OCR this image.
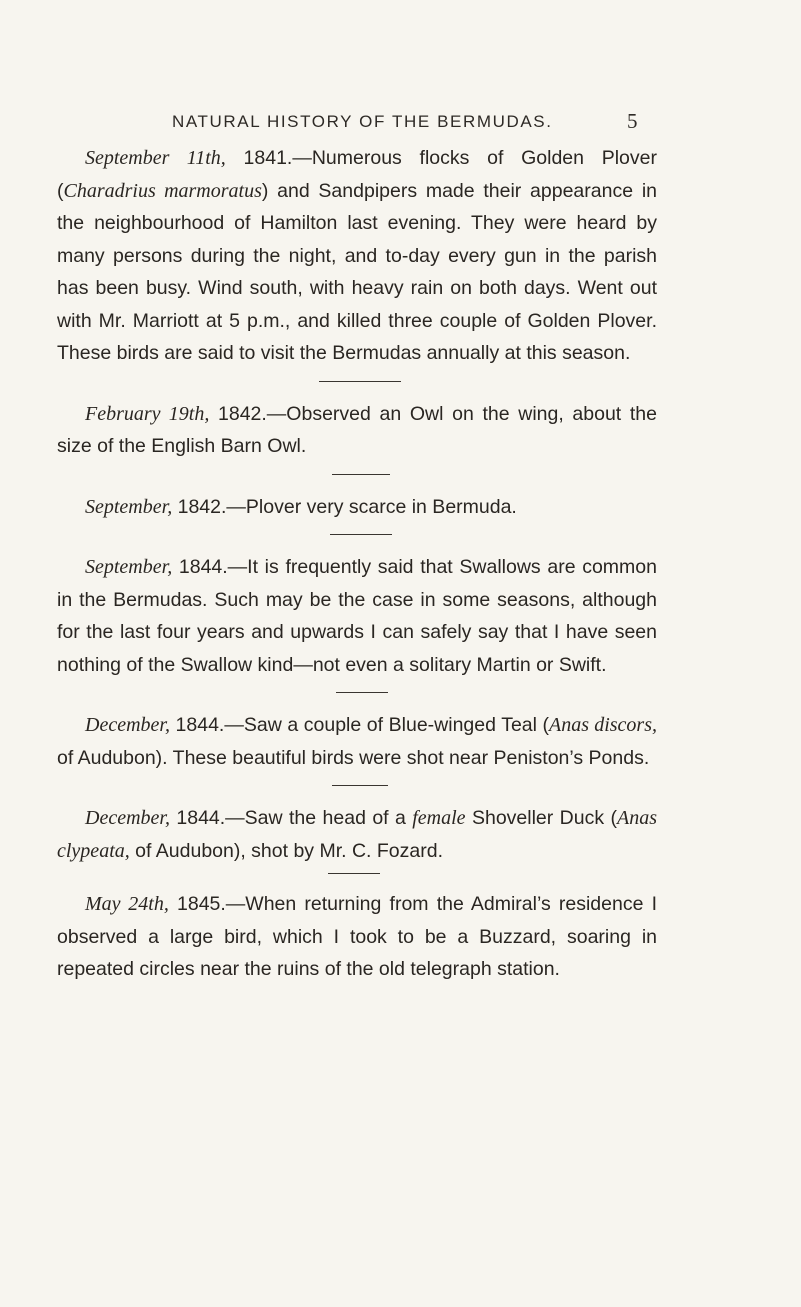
NATURAL HISTORY OF THE BERMUDAS.	5

September 11th, 1841.—Numerous flocks of Golden Plover (Charadrius marmoratus) and Sandpipers made their appearance in the neighbourhood of Hamilton last evening. They were heard by many persons during the night, and to-day every gun in the parish has been busy. Wind south, with heavy rain on both days. Went out with Mr. Marriott at 5 p.m., and killed three couple of Golden Plover. These birds are said to visit the Bermudas annually at this season.

February 19th, 1842.—Observed an Owl on the wing, about the size of the English Barn Owl.

September, 1842.—Plover very scarce in Bermuda.

September, 1844.—It is frequently said that Swallows are common in the Bermudas. Such may be the case in some seasons, although for the last four years and upwards I can safely say that I have seen nothing of the Swallow kind—not even a solitary Martin or Swift.

December, 1844.—Saw a couple of Blue-winged Teal (Anas discors, of Audubon). These beautiful birds were shot near Peniston’s Ponds.

December, 1844.—Saw the head of a female Shoveller Duck (Anas clypeata, of Audubon), shot by Mr. C. Fozard.

May 24th, 1845.—When returning from the Admiral’s residence I observed a large bird, which I took to be a Buzzard, soaring in repeated circles near the ruins of the old telegraph station.
